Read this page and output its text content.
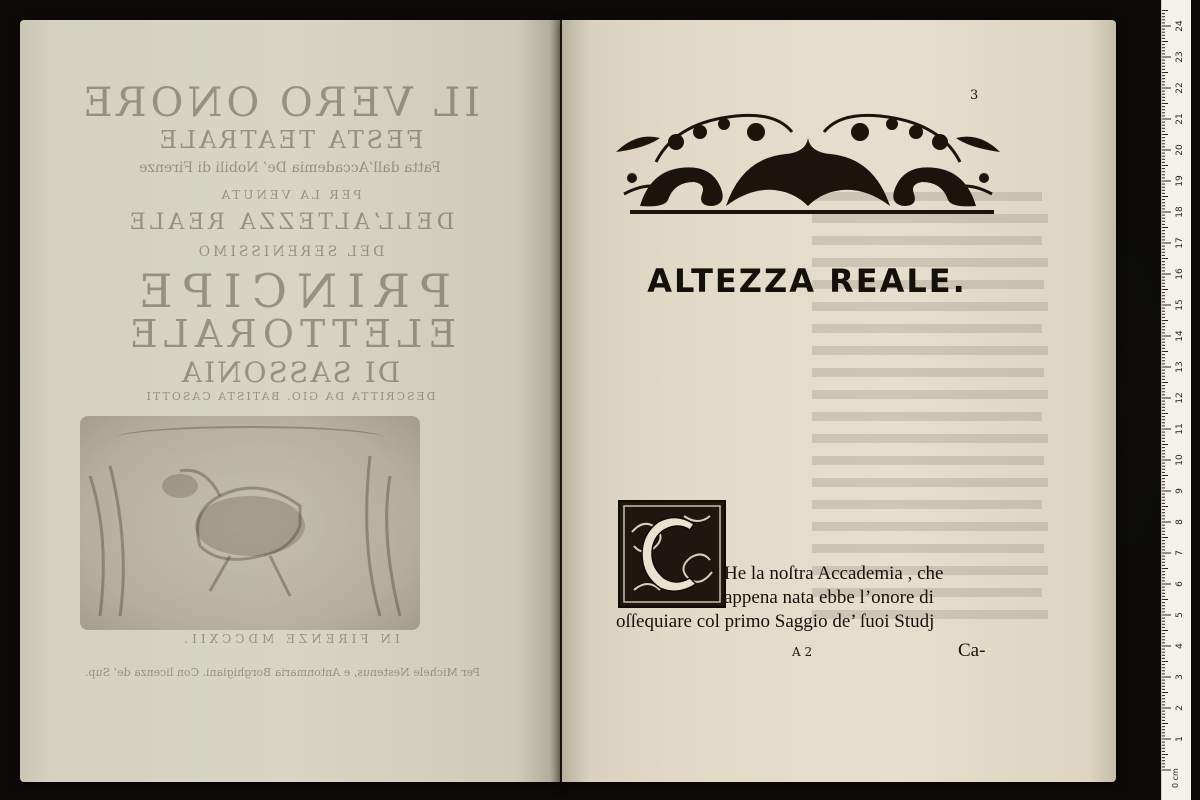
IL VERO ONORE
FESTA TEATRALE
Fatta dall’Accademia De’ Nobili di Firenze
PER LA VENUTA
DELL’ALTEZZA REALE
DEL SERENISSIMO
PRINCIPE
ELETTORALE
DI SASSONIA
DESCRITTA DA GIO. BATISTA CASOTTI
IN FIRENZE MDCCXII.
Per Michele Nestenus, e Antonmaria Borghigiani. Con licenza de’ Sup.
3
ALTEZZA REALE.
He la noſtra Accademia , che
appena nata ebbe l’onore di
oſſequiare col primo Saggio de’ ſuoi Studj
A 2	Ca-
1
2
3
4
5
6
7
8
9
10
11
12
13
14
15
16
17
18
19
20
21
22
23
24
0 cm
